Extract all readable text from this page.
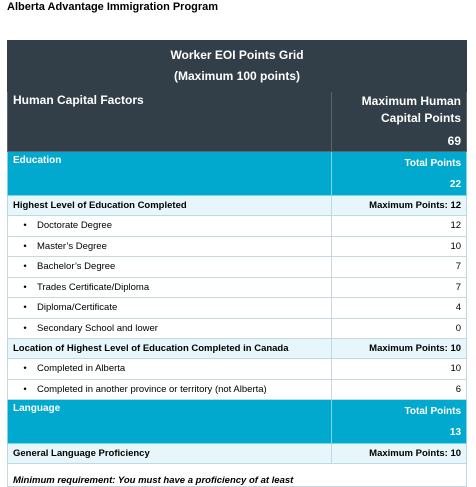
Alberta Advantage Immigration Program

Worker EOI Points Grid
(Maximum 100 points)	

Human Capital Factors	Maximum Human
Capital Points
69

Education	Total Points
22

Highest Level of Education Completed	Maximum Points: 12
• Doctorate Degree	12
• Master’s Degree	10
• Bachelor’s Degree	7
• Trades Certificate/Diploma	7
• Diploma/Certificate	4
• Secondary School and lower	0
Location of Highest Level of Education Completed in Canada	Maximum Points: 10
• Completed in Alberta	10
• Completed in another province or territory (not Alberta)	6
Language	Total Points
13

General Language Proficiency	Maximum Points: 10
Minimum requirement: You must have a proficiency of at least	
